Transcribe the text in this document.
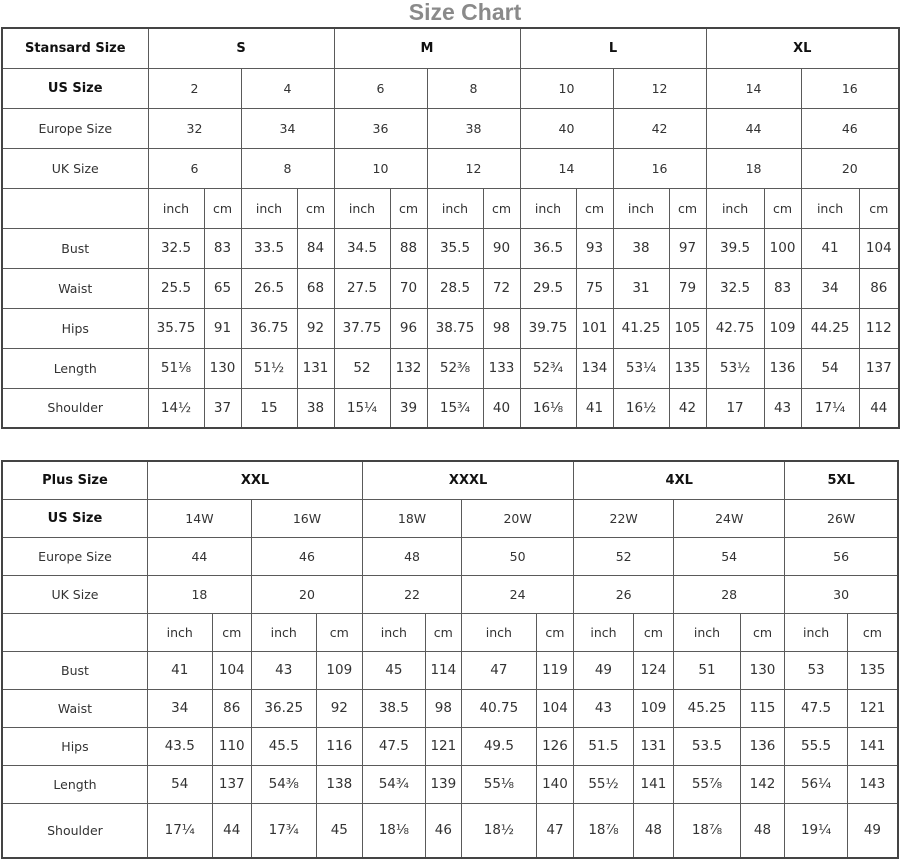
Size Chart
Stansard Size	S				M				L				XL			
US Size	2		4		6		8		10		12		14		16	
Europe Size	32		34		36		38		40		42		44		46	
UK Size	6		8		10		12		14		16		18		20	
	inch	cm	inch	cm	inch	cm	inch	cm	inch	cm	inch	cm	inch	cm	inch	cm
Bust	32.5	83	33.5	84	34.5	88	35.5	90	36.5	93	38	97	39.5	100	41	104
Waist	25.5	65	26.5	68	27.5	70	28.5	72	29.5	75	31	79	32.5	83	34	86
Hips	35.75	91	36.75	92	37.75	96	38.75	98	39.75	101	41.25	105	42.75	109	44.25	112
Length	51⅛	130	51½	131	52	132	52⅜	133	52¾	134	53¼	135	53½	136	54	137
Shoulder	14½	37	15	38	15¼	39	15¾	40	16⅛	41	16½	42	17	43	17¼	44
Plus Size	XXL				XXXL				4XL				5XL	
US Size	14W		16W		18W		20W		22W		24W		26W	
Europe Size	44		46		48		50		52		54		56	
UK Size	18		20		22		24		26		28		30	
	inch	cm	inch	cm	inch	cm	inch	cm	inch	cm	inch	cm	inch	cm
Bust	41	104	43	109	45	114	47	119	49	124	51	130	53	135
Waist	34	86	36.25	92	38.5	98	40.75	104	43	109	45.25	115	47.5	121
Hips	43.5	110	45.5	116	47.5	121	49.5	126	51.5	131	53.5	136	55.5	141
Length	54	137	54⅜	138	54¾	139	55⅛	140	55½	141	55⅞	142	56¼	143
Shoulder	17¼	44	17¾	45	18⅛	46	18½	47	18⅞	48	18⅞	48	19¼	49
